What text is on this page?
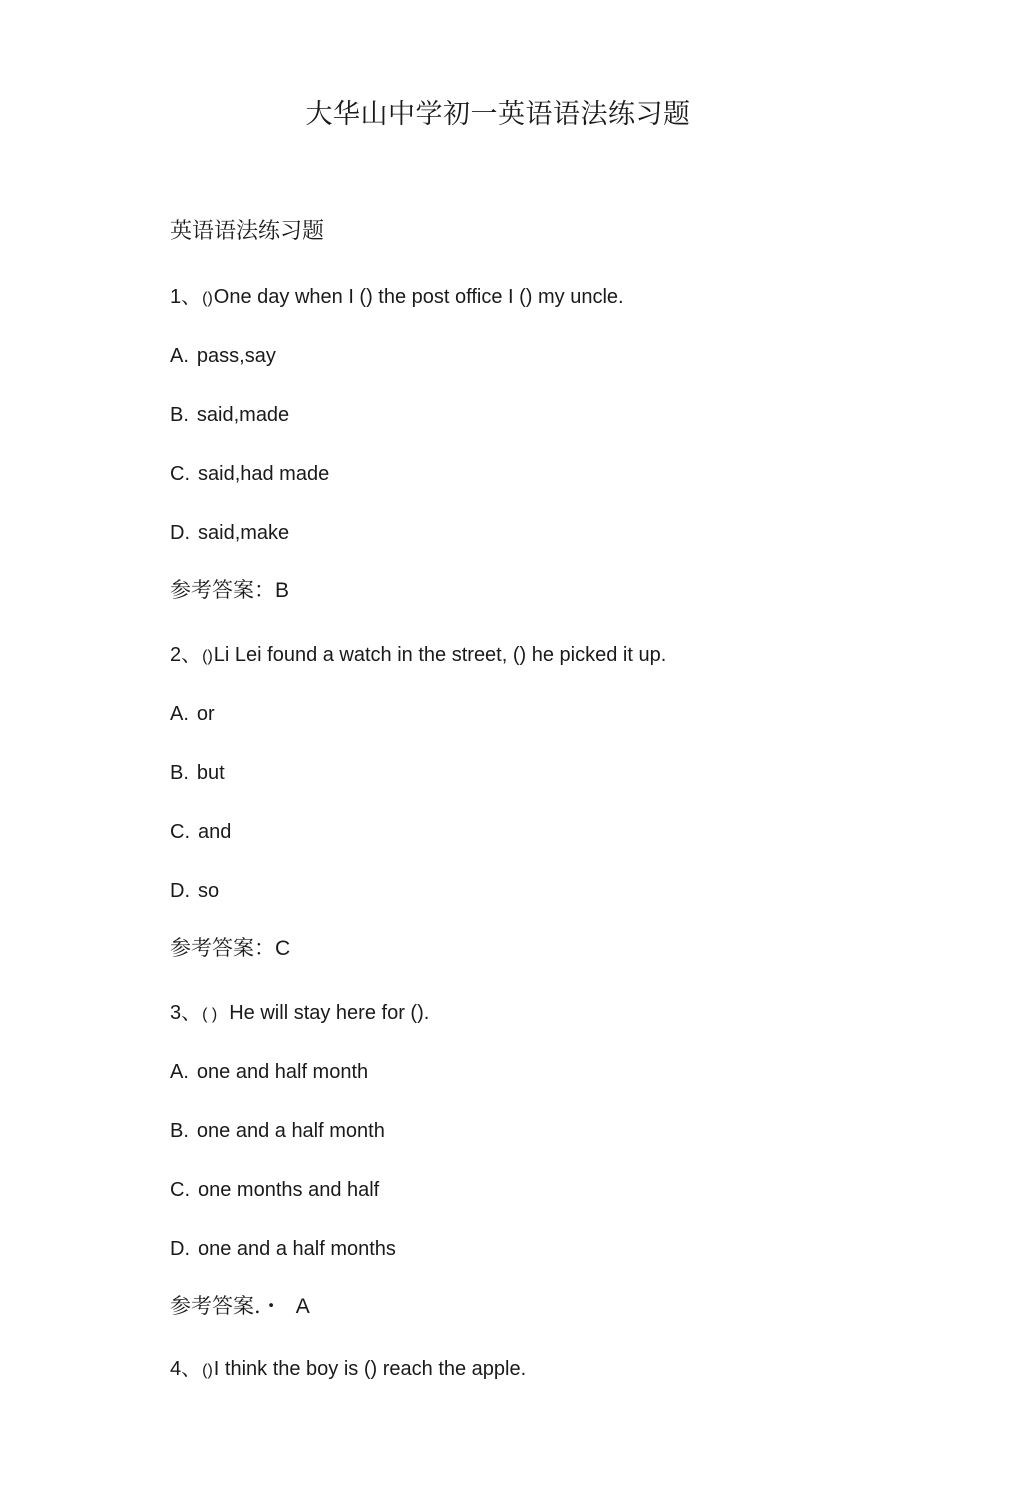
大华山中学初一英语语法练习题
英语语法练习题
1、()One day when I () the post office I () my uncle.
A. pass,say
B. said,made
C. said,had made
D. said,make
参考答案：B
2、()Li Lei found a watch in the street, () he picked it up.
A. or
B. but
C. and
D. so
参考答案：C
3、( ) He will stay here for ().
A. one and half month
B. one and a half month
C. one months and half
D. one and a half months
参考答案.・ A
4、()I think the boy is () reach the apple.
